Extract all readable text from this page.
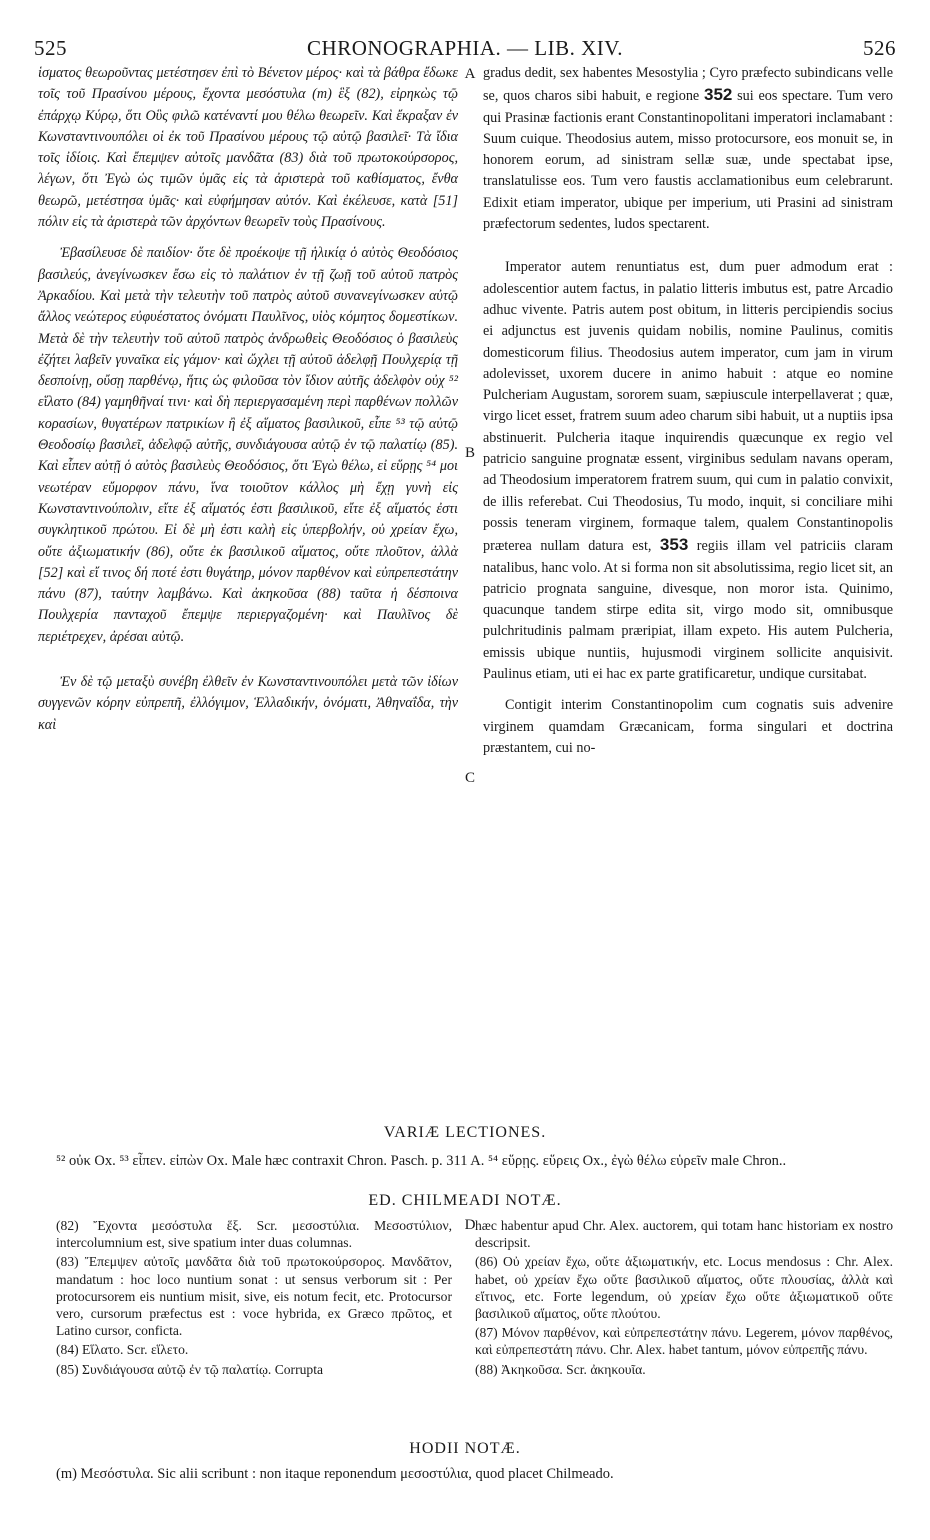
525	CHRONOGRAPHIA. — LIB. XIV.	526

ἱσματος θεωροῦντας μετέστησεν ἐπὶ τὸ Βένετον μέρος· καὶ τὰ βάθρα ἔδωκε τοῖς τοῦ Πρασίνου μέρους, ἔχοντα μεσόστυλα (m) ἓξ (82), εἰρηκὼς τῷ ἐπάρχῳ Κύρῳ, ὅτι Οὓς φιλῶ κατέναντί μου θέλω θεωρεῖν. Καὶ ἔκραξαν ἐν Κωνσταντινουπόλει οἱ ἐκ τοῦ Πρασίνου μέρους τῷ αὐτῷ βασιλεῖ· Τὰ ἴδια τοῖς ἰδίοις. Καὶ ἔπεμψεν αὐτοῖς μανδᾶτα (83) διὰ τοῦ πρωτοκούρσορος, λέγων, ὅτι Ἐγὼ ὡς τιμῶν ὑμᾶς εἰς τὰ ἀριστερὰ τοῦ καθίσματος, ἔνθα θεωρῶ, μετέστησα ὑμᾶς· καὶ εὐφήμησαν αὐτόν. Καὶ ἐκέλευσε, κατὰ [51] πόλιν εἰς τὰ ἀριστερὰ τῶν ἀρχόντων θεωρεῖν τοὺς Πρασίνους.

Ἐβασίλευσε δὲ παιδίον· ὅτε δὲ προέκοψε τῇ ἡλικίᾳ ὁ αὐτὸς Θεοδόσιος βασιλεύς, ἀνεγίνωσκεν ἔσω εἰς τὸ παλάτιον ἐν τῇ ζωῇ τοῦ αὐτοῦ πατρὸς Ἀρκαδίου. Καὶ μετὰ τὴν τελευτὴν τοῦ πατρὸς αὐτοῦ συνανεγίνωσκεν αὐτῷ ἄλλος νεώτερος εὐφυέστατος ὀνόματι Παυλῖνος, υἱὸς κόμητος δομεστίκων. Μετὰ δὲ τὴν τελευτὴν τοῦ αὐτοῦ πατρὸς ἀνδρωθεὶς Θεοδόσιος ὁ βασιλεὺς ἐζήτει λαβεῖν γυναῖκα εἰς γάμον· καὶ ὤχλει τῇ αὐτοῦ ἀδελφῇ Πουλχερίᾳ τῇ δεσποίνῃ, οὔσῃ παρθένῳ, ἥτις ὡς φιλοῦσα τὸν ἴδιον αὐτῆς ἀδελφὸν οὐχ ⁵² εἵλατο (84) γαμηθῆναί τινι· καὶ δὴ περιεργασαμένη περὶ παρθένων πολλῶν κορασίων, θυγατέρων πατρικίων ἢ ἐξ αἵματος βασιλικοῦ, εἶπε ⁵³ τῷ αὐτῷ Θεοδοσίῳ βασιλεῖ, ἀδελφῷ αὐτῆς, συνδιάγουσα αὐτῷ ἐν τῷ παλατίῳ (85). Καὶ εἶπεν αὐτῇ ὁ αὐτὸς βασιλεὺς Θεοδόσιος, ὅτι Ἐγὼ θέλω, εἰ εὕρῃς ⁵⁴ μοι νεωτέραν εὔμορφον πάνυ, ἵνα τοιοῦτον κάλλος μὴ ἔχῃ γυνὴ εἰς Κωνσταντινούπολιν, εἴτε ἐξ αἵματός ἐστι βασιλικοῦ, εἴτε ἐξ αἵματός ἐστι συγκλητικοῦ πρώτου. Εἰ δὲ μὴ ἐστι καλὴ εἰς ὑπερβολήν, οὐ χρείαν ἔχω, οὔτε ἀξιωματικήν (86), οὔτε ἐκ βασιλικοῦ αἵματος, οὔτε πλοῦτον, ἀλλὰ [52] καὶ εἴ τινος δή ποτέ ἐστι θυγάτηρ, μόνον παρθένον καὶ εὐπρεπεστάτην πάνυ (87), ταύτην λαμβάνω. Καὶ ἀκηκοῦσα (88) ταῦτα ἡ δέσποινα Πουλχερία πανταχοῦ ἔπεμψε περιεργαζομένη· καὶ Παυλῖνος δὲ περιέτρεχεν, ἀρέσαι αὐτῷ.

Ἐν δὲ τῷ μεταξὺ συνέβη ἐλθεῖν ἐν Κωνσταντινουπόλει μετὰ τῶν ἰδίων συγγενῶν κόρην εὐπρεπῆ, ἐλλόγιμον, Ἑλλαδικήν, ὀνόματι, Ἀθηναΐδα, τὴν καὶ

A
B
C
D

gradus dedit, sex habentes Mesostylia ; Cyro præfecto subindicans velle se, quos charos sibi habuit, e regione 352 sui eos spectare. Tum vero qui Prasinæ factionis erant Constantinopolitani imperatori inclamabant : Suum cuique. Theodosius autem, misso protocursore, eos monuit se, in honorem eorum, ad sinistram sellæ suæ, unde spectabat ipse, translatulisse eos. Tum vero faustis acclamationibus eum celebrarunt. Edixit etiam imperator, ubique per imperium, uti Prasini ad sinistram præfectorum sedentes, ludos spectarent.

Imperator autem renuntiatus est, dum puer admodum erat : adolescentior autem factus, in palatio litteris imbutus est, patre Arcadio adhuc vivente. Patris autem post obitum, in litteris percipiendis socius ei adjunctus est juvenis quidam nobilis, nomine Paulinus, comitis domesticorum filius. Theodosius autem imperator, cum jam in virum adolevisset, uxorem ducere in animo habuit : atque eo nomine Pulcheriam Augustam, sororem suam, sæpiuscule interpellaverat ; quæ, virgo licet esset, fratrem suum adeo charum sibi habuit, ut a nuptiis ipsa abstinuerit. Pulcheria itaque inquirendis quæcunque ex regio vel patricio sanguine prognatæ essent, virginibus sedulam navans operam, ad Theodosium imperatorem fratrem suum, qui cum in palatio convixit, de illis referebat. Cui Theodosius, Tu modo, inquit, si conciliare mihi possis teneram virginem, formaque talem, qualem Constantinopolis præterea nullam datura est, 353 regiis illam vel patriciis claram natalibus, hanc volo. At si forma non sit absolutissima, regio licet sit, an patricio prognata sanguine, divesque, non moror ista. Quinimo, quacunque tandem stirpe edita sit, virgo modo sit, omnibusque pulchritudinis palmam præripiat, illam expeto. His autem Pulcheria, emissis ubique nuntiis, hujusmodi virginem sollicite anquisivit. Paulinus etiam, uti ei hac ex parte gratificaretur, undique cursitabat.

Contigit interim Constantinopolim cum cognatis suis advenire virginem quamdam Græcanicam, forma singulari et doctrina præstantem, cui no-

VARIÆ LECTIONES.
⁵² οὐκ Ox. ⁵³ εἶπεν. εἰπὼν Ox. Male hæc contraxit Chron. Pasch. p. 311 A. ⁵⁴ εὕρῃς. εὕρεις Ox., ἐγὼ θέλω εὑρεῖν male Chron..
ED. CHILMEADI NOTÆ.

(82) Ἔχοντα μεσόστυλα ἕξ. Scr. μεσοστύλια. Μεσοστύλιον, intercolumnium est, sive spatium inter duas columnas.

(83) Ἔπεμψεν αὐτοῖς μανδᾶτα διὰ τοῦ πρωτοκούρσορος. Μανδᾶτον, mandatum : hoc loco nuntium sonat : ut sensus verborum sit : Per protocursorem eis nuntium misit, sive, eis notum fecit, etc. Protocursor vero, cursorum præfectus est : voce hybrida, ex Græco πρῶτος, et Latino cursor, conficta.

(84) Εἵλατο. Scr. εἵλετο.

(85) Συνδιάγουσα αὐτῷ ἐν τῷ παλατίῳ. Corrupta

hæc habentur apud Chr. Alex. auctorem, qui totam hanc historiam ex nostro descripsit.

(86) Οὐ χρείαν ἔχω, οὔτε ἀξιωματικήν, etc. Locus mendosus : Chr. Alex. habet, οὐ χρείαν ἔχω οὔτε βασιλικοῦ αἵματος, οὔτε πλουσίας, ἀλλὰ καὶ εἴτινος, etc. Forte legendum, οὐ χρείαν ἔχω οὔτε ἀξιωματικοῦ οὔτε βασιλικοῦ αἵματος, οὔτε πλούτου.

(87) Μόνον παρθένον, καὶ εὐπρεπεστάτην πάνυ. Legerem, μόνον παρθένος, καὶ εὐπρεπεστάτη πάνυ. Chr. Alex. habet tantum, μόνον εὐπρεπῆς πάνυ.

(88) Ἀκηκοῦσα. Scr. ἀκηκουῖα.

HODII NOTÆ.
(m) Μεσόστυλα. Sic alii scribunt : non itaque reponendum μεσοστύλια, quod placet Chilmeado.
